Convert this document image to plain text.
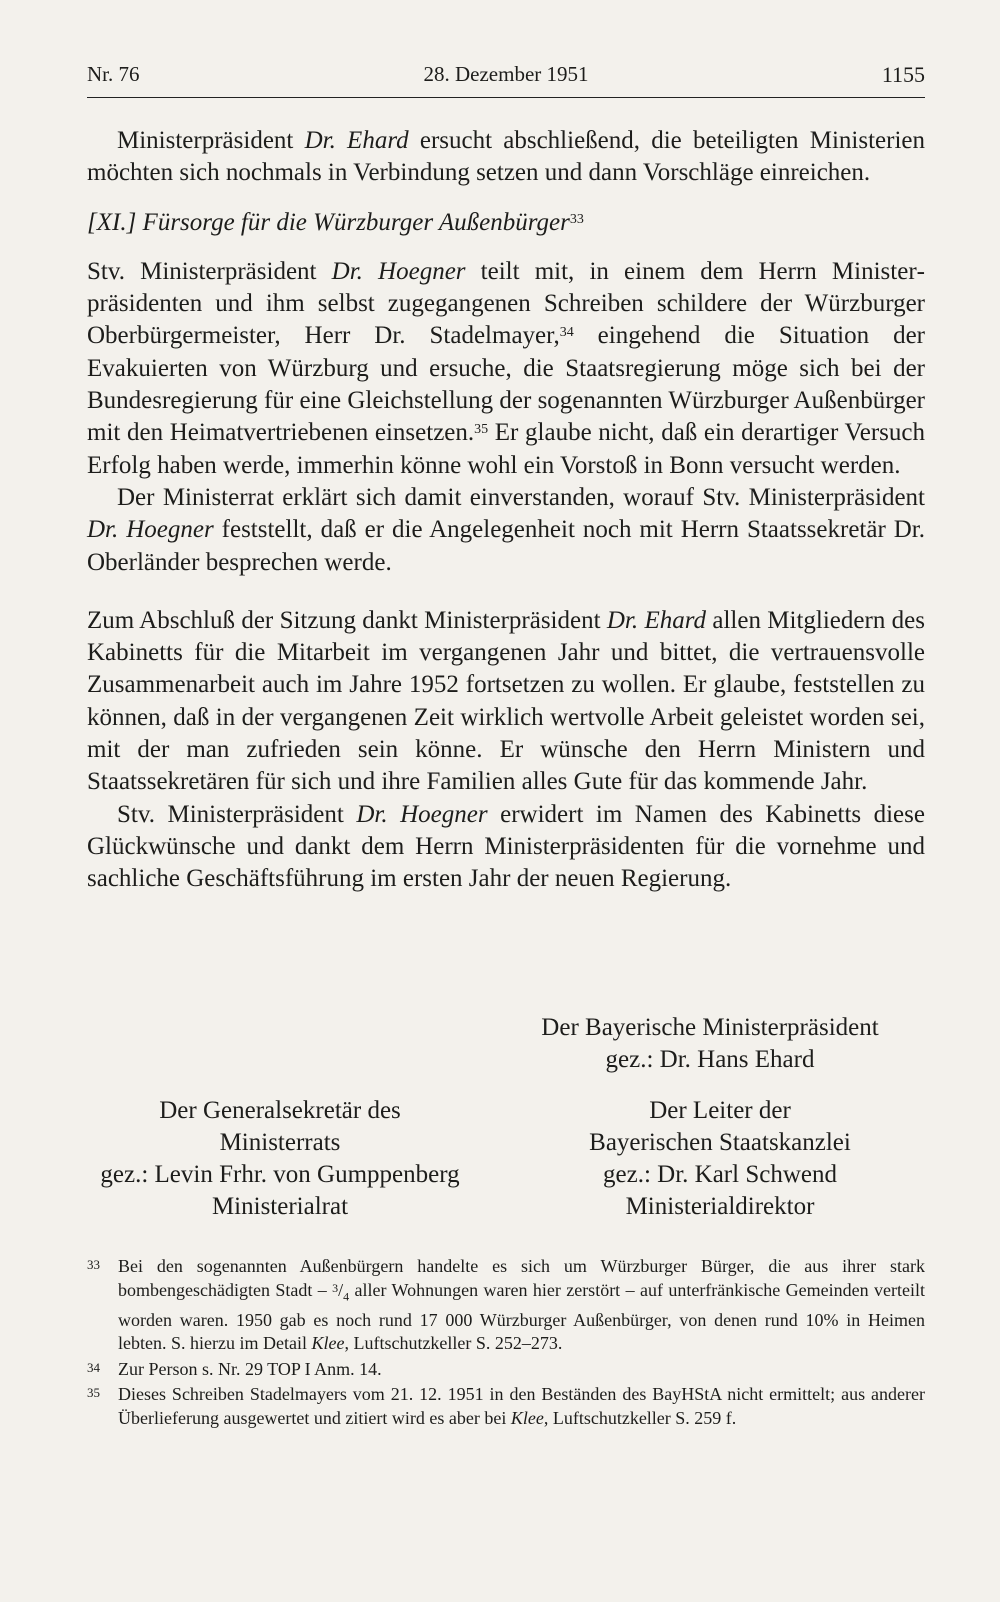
Nr. 76	28. Dezember 1951	1155

Ministerpräsident Dr. Ehard ersucht abschließend, die beteiligten Ministerien möchten sich nochmals in Verbindung setzen und dann Vorschläge einreichen.

[XI.] Fürsorge für die Würzburger Außenbürger$^{33}$

Stv. Ministerpräsident Dr. Hoegner teilt mit, in einem dem Herrn Ministerpräsidenten und ihm selbst zugegangenen Schreiben schildere der Würzburger Oberbürgermeister, Herr Dr. Stadelmayer,$^{34}$ eingehend die Situation der Evakuierten von Würzburg und ersuche, die Staatsregierung möge sich bei der Bundesregierung für eine Gleichstellung der sogenannten Würzburger Außenbürger mit den Heimatvertriebenen einsetzen.$^{35}$ Er glaube nicht, daß ein derartiger Versuch Erfolg haben werde, immerhin könne wohl ein Vorstoß in Bonn versucht werden.

Der Ministerrat erklärt sich damit einverstanden, worauf Stv. Ministerpräsident Dr. Hoegner feststellt, daß er die Angelegenheit noch mit Herrn Staatssekretär Dr. Oberländer besprechen werde.

Zum Abschluß der Sitzung dankt Ministerpräsident Dr. Ehard allen Mitgliedern des Kabinetts für die Mitarbeit im vergangenen Jahr und bittet, die vertrauensvolle Zusammenarbeit auch im Jahre 1952 fortsetzen zu wollen. Er glaube, feststellen zu können, daß in der vergangenen Zeit wirklich wertvolle Arbeit geleistet worden sei, mit der man zufrieden sein könne. Er wünsche den Herrn Ministern und Staatssekretären für sich und ihre Familien alles Gute für das kommende Jahr.

Stv. Ministerpräsident Dr. Hoegner erwidert im Namen des Kabinetts diese Glückwünsche und dankt dem Herrn Ministerpräsidenten für die vornehme und sachliche Geschäftsführung im ersten Jahr der neuen Regierung.

Der Bayerische Ministerpräsident
gez.: Dr. Hans Ehard
Der Generalsekretär des
Ministerrats
gez.: Levin Frhr. von Gumppenberg
Ministerialrat
Der Leiter der
Bayerischen Staatskanzlei
gez.: Dr. Karl Schwend
Ministerialdirektor

33 Bei den sogenannten Außenbürgern handelte es sich um Würzburger Bürger, die aus ihrer stark bombengeschädigten Stadt – $^3/_4$ aller Wohnungen waren hier zerstört – auf unterfränkische Gemeinden verteilt worden waren. 1950 gab es noch rund 17 000 Würzburger Außenbürger, von denen rund 10% in Heimen lebten. S. hierzu im Detail Klee, Luftschutzkeller S. 252–273.

34 Zur Person s. Nr. 29 TOP I Anm. 14.

35 Dieses Schreiben Stadelmayers vom 21. 12. 1951 in den Beständen des BayHStA nicht ermittelt; aus anderer Überlieferung ausgewertet und zitiert wird es aber bei Klee, Luftschutzkeller S. 259 f.
